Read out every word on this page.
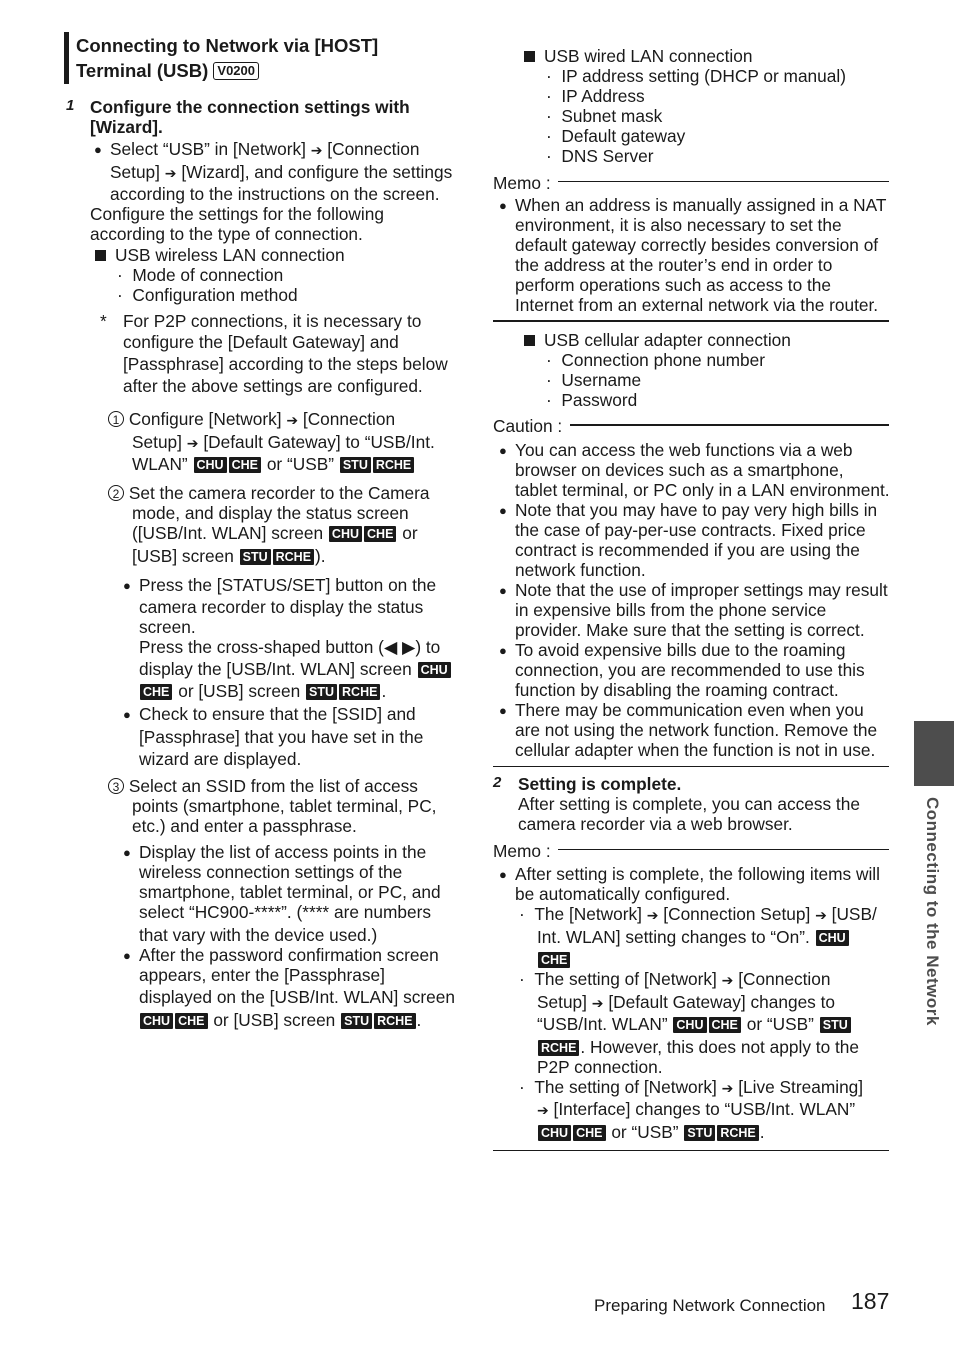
Connecting to Network via [HOST]
Terminal (USB) V0200
1 Configure the connection settings with
[Wizard].
● Select “USB” in [Network] ➔ [Connection
Setup] ➔ [Wizard], and configure the settings
according to the instructions on the screen.
Configure the settings for the following
according to the type of connection.
USB wireless LAN connection
·  Mode of connection
·  Configuration method
* For P2P connections, it is necessary to
configure the [Default Gateway] and
[Passphrase] according to the steps below
after the above settings are configured.
1 Configure [Network] ➔ [Connection
Setup] ➔ [Default Gateway] to “USB/Int.
WLAN” CHU CHE or “USB” STU RCHE
2 Set the camera recorder to the Camera
mode, and display the status screen
([USB/Int. WLAN] screen CHU CHE or
[USB] screen STU RCHE ).
● Press the [STATUS/SET] button on the
camera recorder to display the status
screen.
Press the cross-shaped button (◀ ▶) to
display the [USB/Int. WLAN] screen CHU
CHE or [USB] screen STU RCHE .
● Check to ensure that the [SSID] and
[Passphrase] that you have set in the
wizard are displayed.
3 Select an SSID from the list of access
points (smartphone, tablet terminal, PC,
etc.) and enter a passphrase.
● Display the list of access points in the
wireless connection settings of the
smartphone, tablet terminal, or PC, and
select “HC900-****”. (**** are numbers
that vary with the device used.)
● After the password confirmation screen
appears, enter the [Passphrase]
displayed on the [USB/Int. WLAN] screen
CHU CHE or [USB] screen STU RCHE .
USB wired LAN connection
·  IP address setting (DHCP or manual)
·  IP Address
·  Subnet mask
·  Default gateway
·  DNS Server
Memo :
● When an address is manually assigned in a NAT
environment, it is also necessary to set the
default gateway correctly besides conversion of
the address at the router’s end in order to
perform operations such as access to the
Internet from an external network via the router.
USB cellular adapter connection
·  Connection phone number
·  Username
·  Password
Caution :
● You can access the web functions via a web
browser on devices such as a smartphone,
tablet terminal, or PC only in a LAN environment.
● Note that you may have to pay very high bills in
the case of pay-per-use contracts. Fixed price
contract is recommended if you are using the
network function.
● Note that the use of improper settings may result
in expensive bills from the phone service
provider. Make sure that the setting is correct.
● To avoid expensive bills due to the roaming
connection, you are recommended to use this
function by disabling the roaming contract.
● There may be communication even when you
are not using the network function. Remove the
cellular adapter when the function is not in use.
2 Setting is complete.
After setting is complete, you can access the
camera recorder via a web browser.
Memo :
● After setting is complete, the following items will
be automatically configured.
·  The [Network] ➔ [Connection Setup] ➔ [USB/
Int. WLAN] setting changes to “On”. CHU
CHE
·  The setting of [Network] ➔ [Connection
Setup] ➔ [Default Gateway] changes to
“USB/Int. WLAN” CHU CHE or “USB” STU
RCHE . However, this does not apply to the
P2P connection.
·  The setting of [Network] ➔ [Live Streaming]
➔ [Interface] changes to “USB/Int. WLAN”
CHU CHE or “USB” STU RCHE .
Connecting to the Network
Preparing Network Connection 187
